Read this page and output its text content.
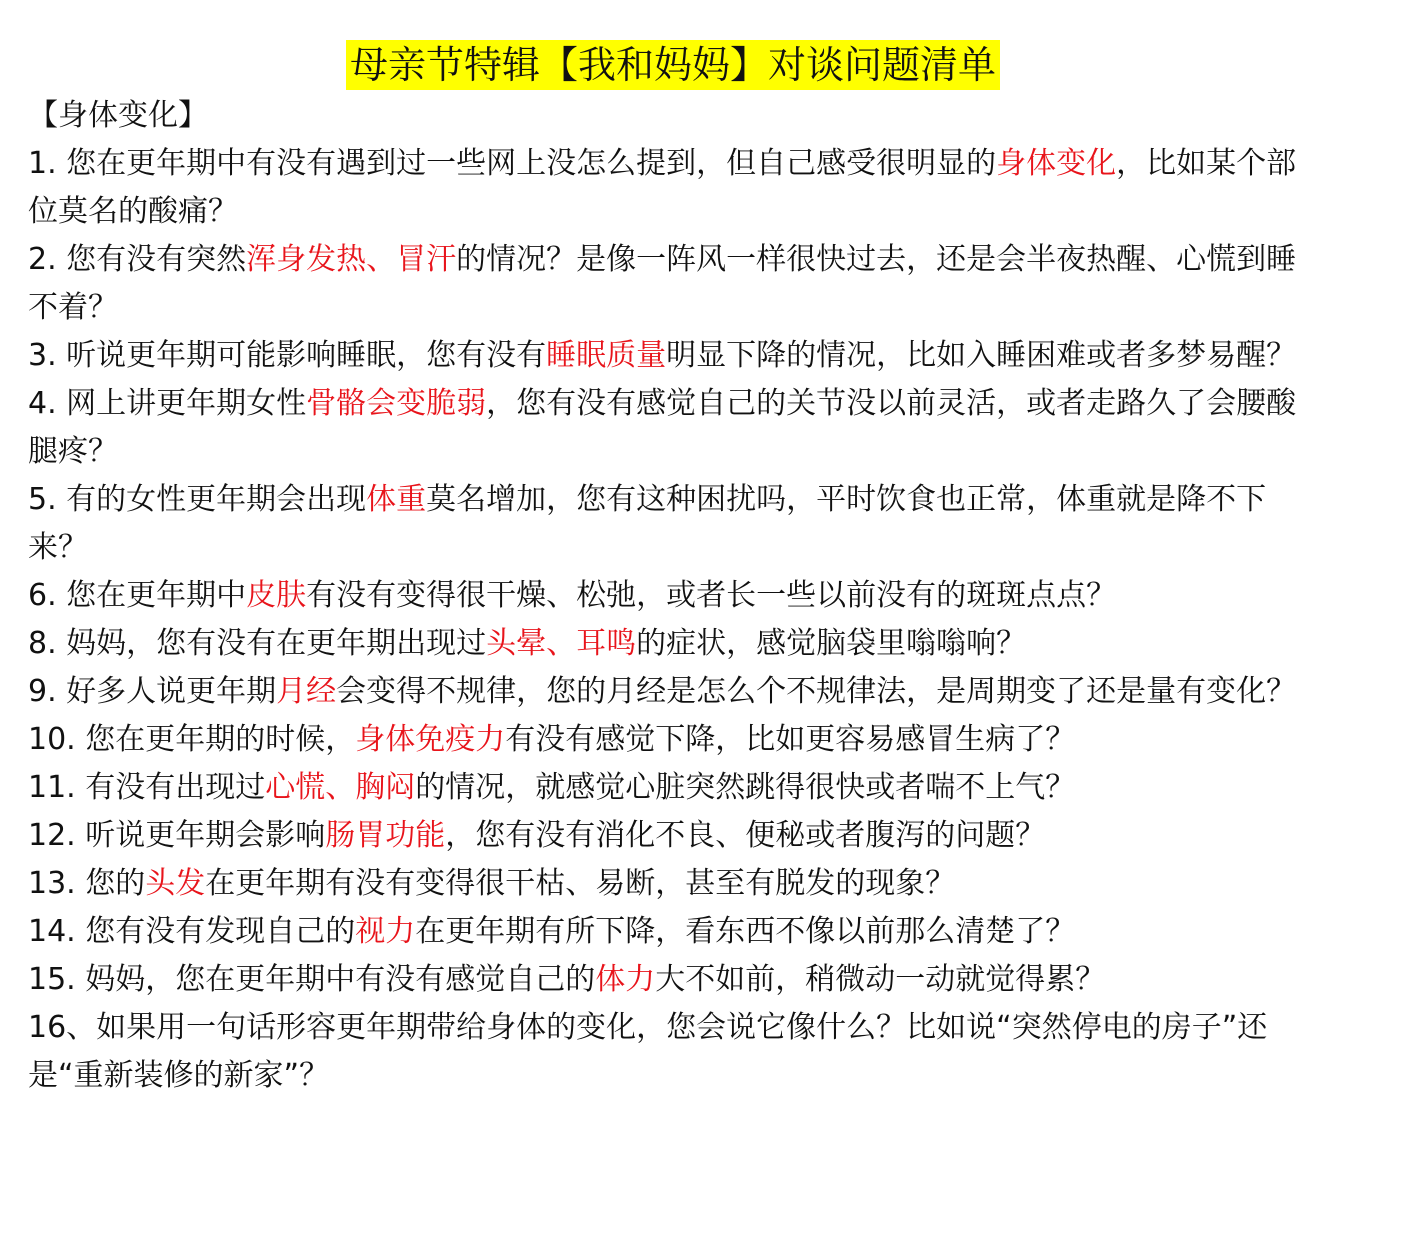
母亲节特辑【我和妈妈】对谈问题清单
【身体变化】

1. 您在更年期中有没有遇到过一些网上没怎么提到，但自己感受很明显的身体变化，比如某个部位莫名的酸痛？

2. 您有没有突然浑身发热、冒汗的情况？是像一阵风一样很快过去，还是会半夜热醒、心慌到睡不着？

3. 听说更年期可能影响睡眠，您有没有睡眠质量明显下降的情况，比如入睡困难或者多梦易醒？

4. 网上讲更年期女性骨骼会变脆弱，您有没有感觉自己的关节没以前灵活，或者走路久了会腰酸腿疼？

5. 有的女性更年期会出现体重莫名增加，您有这种困扰吗，平时饮食也正常，体重就是降不下来？

6. 您在更年期中皮肤有没有变得很干燥、松弛，或者长一些以前没有的斑斑点点？

8. 妈妈，您有没有在更年期出现过头晕、耳鸣的症状，感觉脑袋里嗡嗡响？

9. 好多人说更年期月经会变得不规律，您的月经是怎么个不规律法，是周期变了还是量有变化？

10. 您在更年期的时候，身体免疫力有没有感觉下降，比如更容易感冒生病了？

11. 有没有出现过心慌、胸闷的情况，就感觉心脏突然跳得很快或者喘不上气？

12. 听说更年期会影响肠胃功能，您有没有消化不良、便秘或者腹泻的问题？

13. 您的头发在更年期有没有变得很干枯、易断，甚至有脱发的现象？

14. 您有没有发现自己的视力在更年期有所下降，看东西不像以前那么清楚了？

15. 妈妈，您在更年期中有没有感觉自己的体力大不如前，稍微动一动就觉得累？

16、如果用一句话形容更年期带给身体的变化，您会说它像什么？比如说“突然停电的房子”还是“重新装修的新家”？
